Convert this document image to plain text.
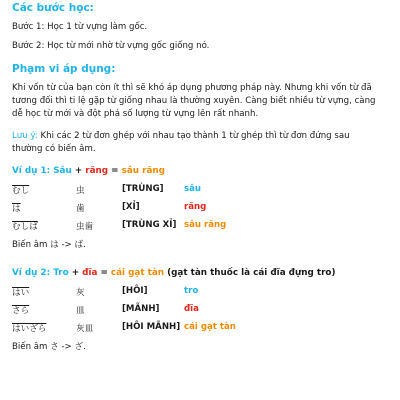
Các bước học:
Bước 1: Học 1 từ vựng làm gốc.
Bước 2: Học từ mới nhờ từ vựng gốc giống nó.
Phạm vi áp dụng:
Khi vốn từ của bạn còn ít thì sẽ khó áp dụng phương pháp này. Nhưng khi vốn từ đã
tương đối thì ti lệ gặp từ giống nhau là thường xuyên. Càng biết nhiều từ vựng, càng
dễ học từ mới và đột phá số lượng từ vựng lên rất nhanh.
Lưu ý: Khi các 2 từ đơn ghép với nhau tạo thành 1 từ ghép thì từ đơn đứng sau
thường có biến âm.
Ví dụ 1: Sâu + răng = sâu răng
むし	虫	[TRÙNG] sâu
は	歯	[XỈ]	răng
むしば	虫歯	[TRÙNG XỈ] sâu răng
Biến âm は -> ば.
Ví dụ 2: Tro + đĩa = cái gạt tàn (gạt tàn thuốc là cái đĩa đựng tro)
はい	灰	[HÔI]	tro
さら	皿	[MÃNH]	đĩa
はいざら	灰皿	[HÔI MÃNH] cái gạt tàn
Biến âm さ -> ざ.
